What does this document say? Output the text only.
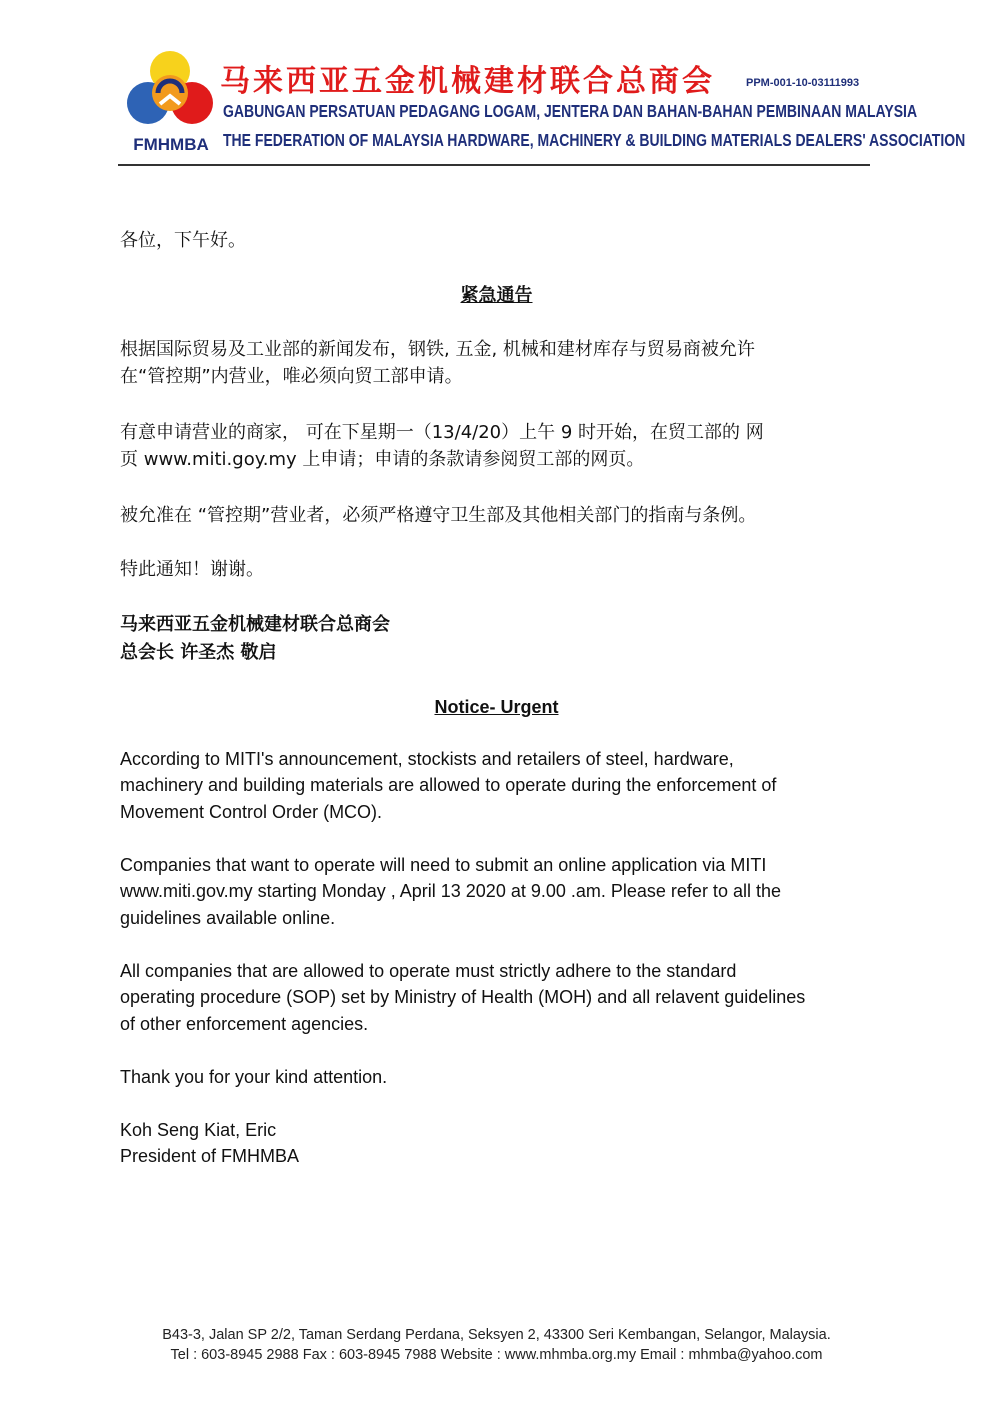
FMHMBA
马来西亚五金机械建材联合总商会	PPM-001-10-03111993
GABUNGAN PERSATUAN PEDAGANG LOGAM, JENTERA DAN BAHAN-BAHAN PEMBINAAN MALAYSIA
THE FEDERATION OF MALAYSIA HARDWARE, MACHINERY & BUILDING MATERIALS DEALERS' ASSOCIATION
各位，下午好。
紧急通告
根据国际贸易及工业部的新闻发布，钢铁, 五金, 机械和建材库存与贸易商被允许
在“管控期”内营业，唯必须向贸工部申请。
有意申请营业的商家， 可在下星期一（13/4/20）上午 9 时开始，在贸工部的 网
页 www.miti.goy.my 上申请；申请的条款请参阅贸工部的网页。
被允准在 “管控期”营业者，必须严格遵守卫生部及其他相关部门的指南与条例。
特此通知！谢谢。
马来西亚五金机械建材联合总商会
总会长 许圣杰 敬启
Notice- Urgent
According to MITI's announcement, stockists and retailers of steel, hardware,
machinery and building materials are allowed to operate during the enforcement of
Movement Control Order (MCO).
Companies that want to operate will need to submit an online application via MITI
www.miti.gov.my starting Monday , April 13 2020 at 9.00 .am. Please refer to all the
guidelines available online.
All companies that are allowed to operate must strictly adhere to the standard
operating procedure (SOP) set by Ministry of Health (MOH) and all relavent guidelines
of other enforcement agencies.
Thank you for your kind attention.
Koh Seng Kiat, Eric
President of FMHMBA
B43-3, Jalan SP 2/2, Taman Serdang Perdana, Seksyen 2, 43300 Seri Kembangan, Selangor, Malaysia.
Tel : 603-8945 2988 Fax : 603-8945 7988 Website : www.mhmba.org.my Email : mhmba@yahoo.com
